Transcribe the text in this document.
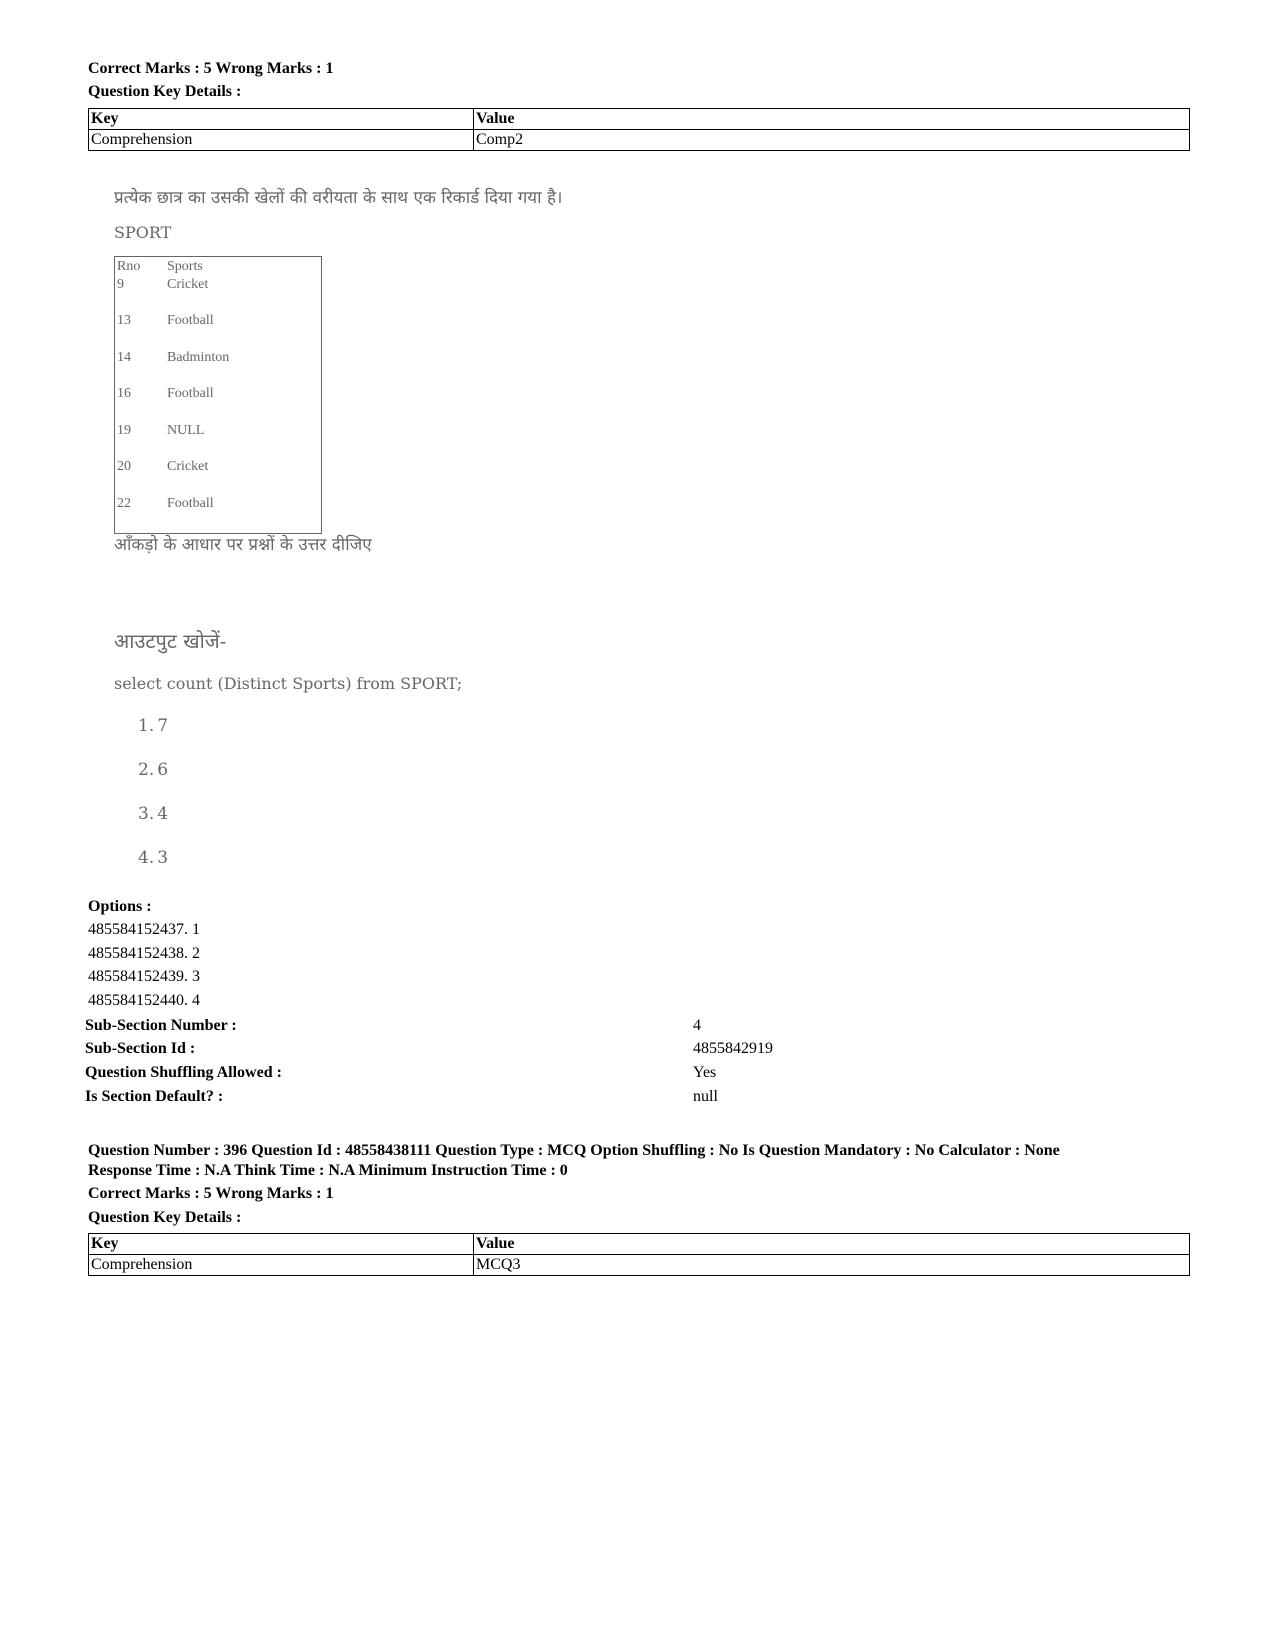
Correct Marks : 5 Wrong Marks : 1
Question Key Details :
Key	Value
Comprehension	Comp2
प्रत्येक छात्र का उसकी खेलों की वरीयता के साथ एक रिकार्ड दिया गया है।
SPORT
Rno Sports
9	Cricket
13	Football
14	Badminton
16	Football
19	NULL
20	Cricket
22	Football
आँकड़ो के आधार पर प्रश्नों के उत्तर दीजिए
आउटपुट खोजें-
select count (Distinct Sports) from SPORT;
1. 7
2. 6
3. 4
4. 3
Options :
485584152437. 1
485584152438. 2
485584152439. 3
485584152440. 4
Sub-Section Number :	4
Sub-Section Id :	4855842919
Question Shuffling Allowed :	Yes
Is Section Default? :	null
Question Number : 396 Question Id : 48558438111 Question Type : MCQ Option Shuffling : No Is Question Mandatory : No Calculator : None
Response Time : N.A Think Time : N.A Minimum Instruction Time : 0
Correct Marks : 5 Wrong Marks : 1
Question Key Details :
Key	Value
Comprehension	MCQ3
